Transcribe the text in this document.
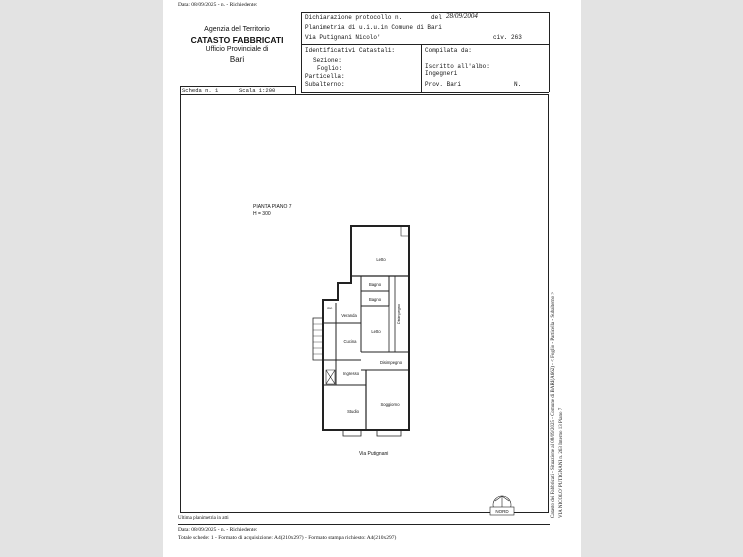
Data: 08/09/2025 - n. - Richiedente:
Agenzia del Territorio
CATASTO FABBRICATI
Ufficio Provinciale di
Bari
Dichiarazione protocollo n.	del 28/09/2004
Planimetria di u.i.u.in Comune di Bari
Via Putignani Nicolo'	civ. 263
Identificativi Catastali:
Sezione:
Foglio:
Particella:
Subalterno:
Compilata da:
Iscritto all'albo:
Ingegneri
Prov. Bari	N.
Scheda n. 1	Scala 1:200
Letto
Bagno
Bagno
Letto
Veranda
Asc.
Cucina
Disimpegno
Ingresso
Studio
Soggiorno
NORD
Disimpegno
PIANTA PIANO 7
H = 300
Via Putignani	Catasto dei Fabbricati - Situazione al 08/09/2025 - Comune di BARI(A662) - < Foglio - Particella - Subalterno > VIA NICOLO' PUTIGNANI n. 263 Interno 13 Piano 7
Ultima planimetria in atti
Data: 08/09/2025 - n. - Richiedente:
Totale schede: 1 - Formato di acquisizione: A4(210x297) - Formato stampa richiesto: A4(210x297)
